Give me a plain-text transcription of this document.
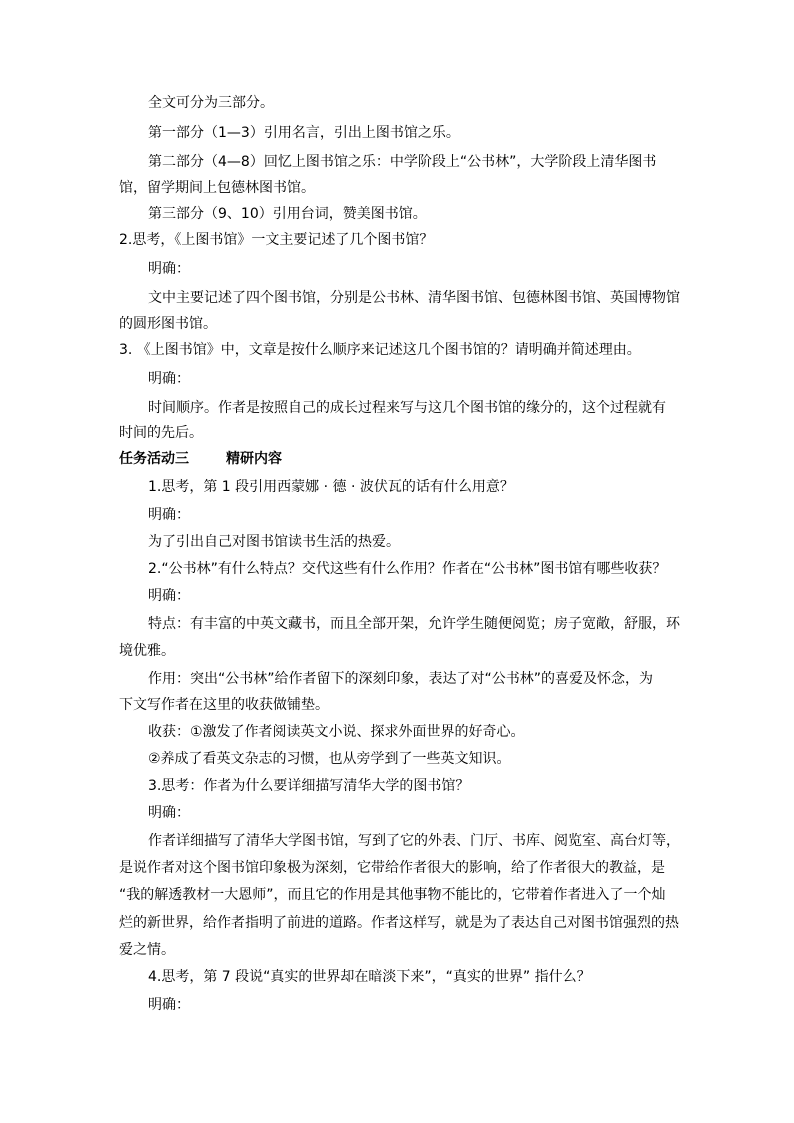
全文可分为三部分。
第一部分（1—3）引用名言，引出上图书馆之乐。
第二部分（4—8）回忆上图书馆之乐：中学阶段上“公书林”，大学阶段上清华图书
馆，留学期间上包德林图书馆。
第三部分（9、10）引用台词，赞美图书馆。
2.思考，《上图书馆》一文主要记述了几个图书馆？
明确：
文中主要记述了四个图书馆，分别是公书林、清华图书馆、包德林图书馆、英国博物馆
的圆形图书馆。
3. 《上图书馆》中，文章是按什么顺序来记述这几个图书馆的？请明确并简述理由。
明确：
时间顺序。作者是按照自己的成长过程来写与这几个图书馆的缘分的，这个过程就有
时间的先后。
任务活动三	精研内容
1.思考，第 1 段引用西蒙娜 · 德 · 波伏瓦的话有什么用意？
明确：
为了引出自己对图书馆读书生活的热爱。
2.“公书林”有什么特点？交代这些有什么作用？作者在“公书林”图书馆有哪些收获？
明确：
特点：有丰富的中英文藏书，而且全部开架，允许学生随便阅览；房子宽敞，舒服，环
境优雅。
作用：突出“公书林”给作者留下的深刻印象，表达了对“公书林”的喜爱及怀念，为
下文写作者在这里的收获做铺垫。
收获：①激发了作者阅读英文小说、探求外面世界的好奇心。
②养成了看英文杂志的习惯，也从旁学到了一些英文知识。
3.思考：作者为什么要详细描写清华大学的图书馆？
明确：
作者详细描写了清华大学图书馆，写到了它的外表、门厅、书库、阅览室、高台灯等，
是说作者对这个图书馆印象极为深刻，它带给作者很大的影响，给了作者很大的教益，是
“我的解透教材一大恩师”，而且它的作用是其他事物不能比的，它带着作者进入了一个灿
烂的新世界，给作者指明了前进的道路。作者这样写，就是为了表达自己对图书馆强烈的热
爱之情。
4.思考，第 7 段说“真实的世界却在暗淡下来”，“真实的世界” 指什么？
明确：
